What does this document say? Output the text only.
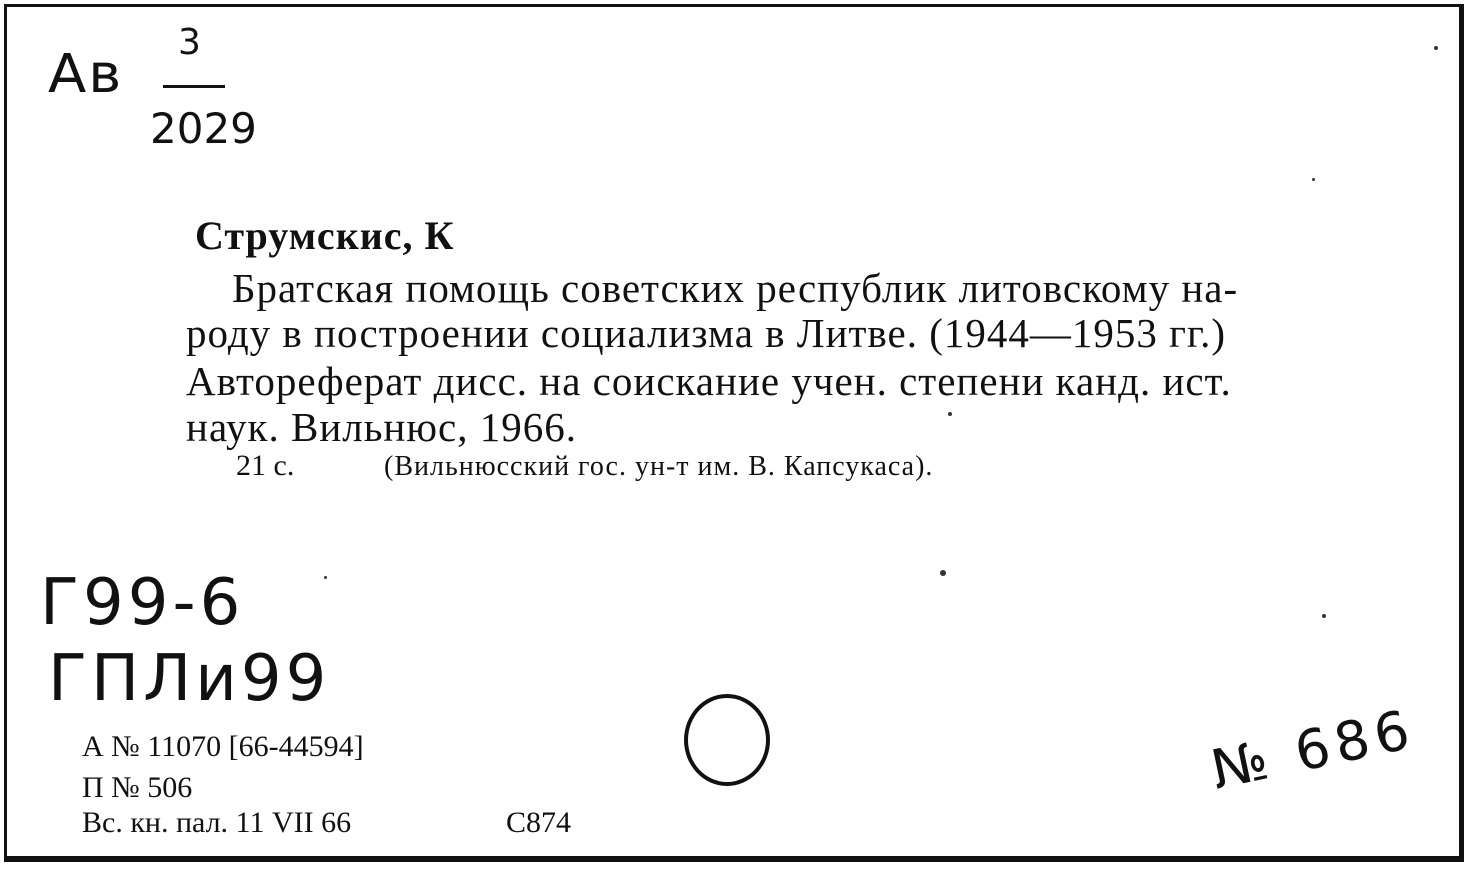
Ав
3
2029
Струмскис, К
Братская помощь советских республик литовскому на-
роду в построении социализма в Литве. (1944—1953 гг.)
Автореферат дисс. на соискание учен. степени канд. ист.
наук. Вильнюс, 1966.
21 с.	(Вильнюсский гос. ун-т им. В. Капсукаса).
Г99-6
ГПЛи99
А № 11070 [66-44594]
П № 506
Вс. кн. пал. 11 VII 66	С874
№ 686
